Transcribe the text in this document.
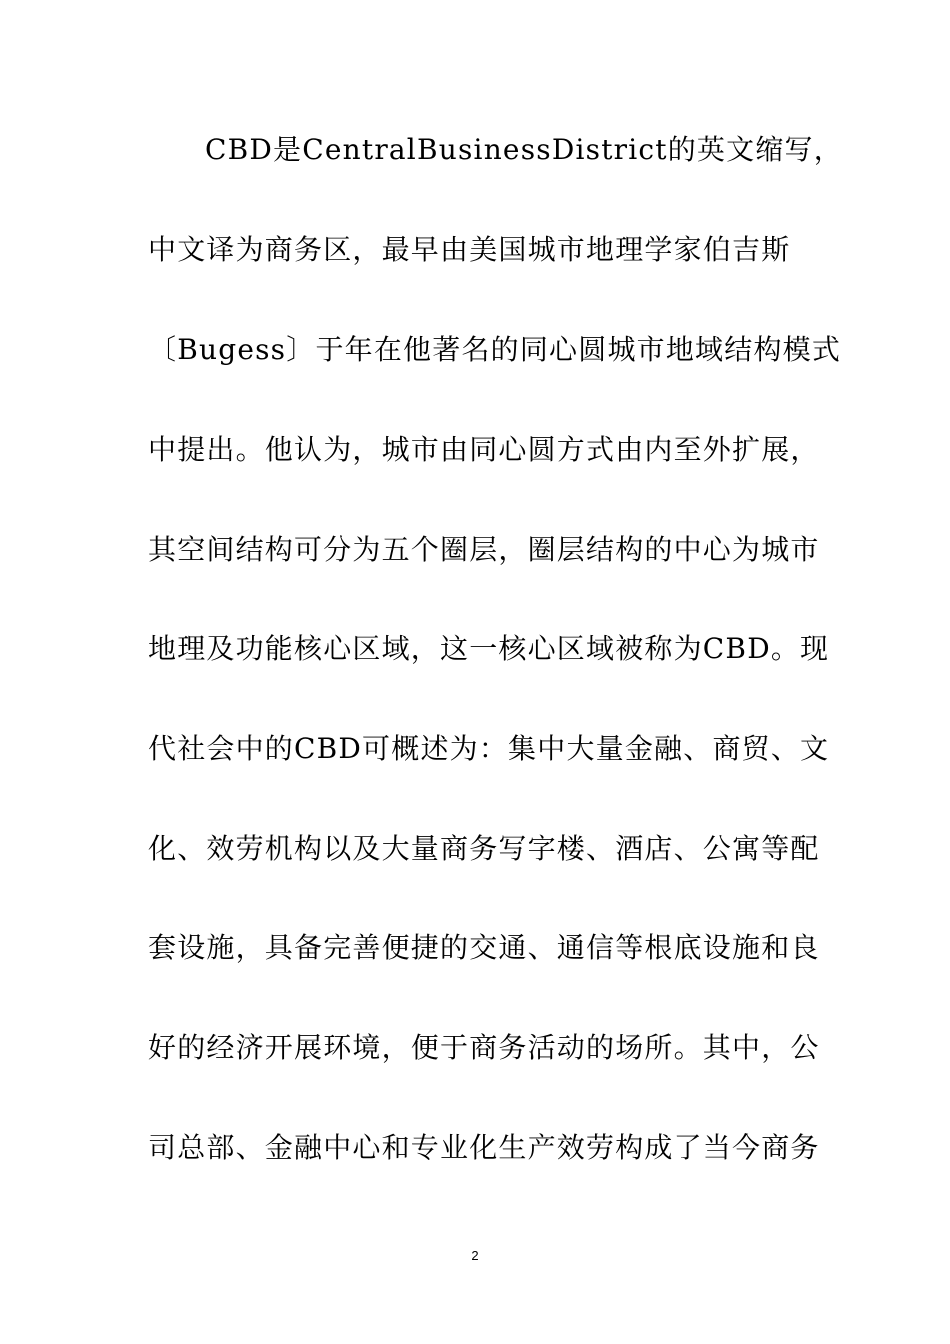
CBD是CentralBusinessDistrict的英文缩写，
中文译为商务区，最早由美国城市地理学家伯吉斯
〔Bugess〕于年在他著名的同心圆城市地域结构模式
中提出。他认为，城市由同心圆方式由内至外扩展，
其空间结构可分为五个圈层，圈层结构的中心为城市
地理及功能核心区域，这一核心区域被称为CBD。现
代社会中的CBD可概述为：集中大量金融、商贸、文
化、效劳机构以及大量商务写字楼、酒店、公寓等配
套设施，具备完善便捷的交通、通信等根底设施和良
好的经济开展环境，便于商务活动的场所。其中，公
司总部、金融中心和专业化生产效劳构成了当今商务
2
